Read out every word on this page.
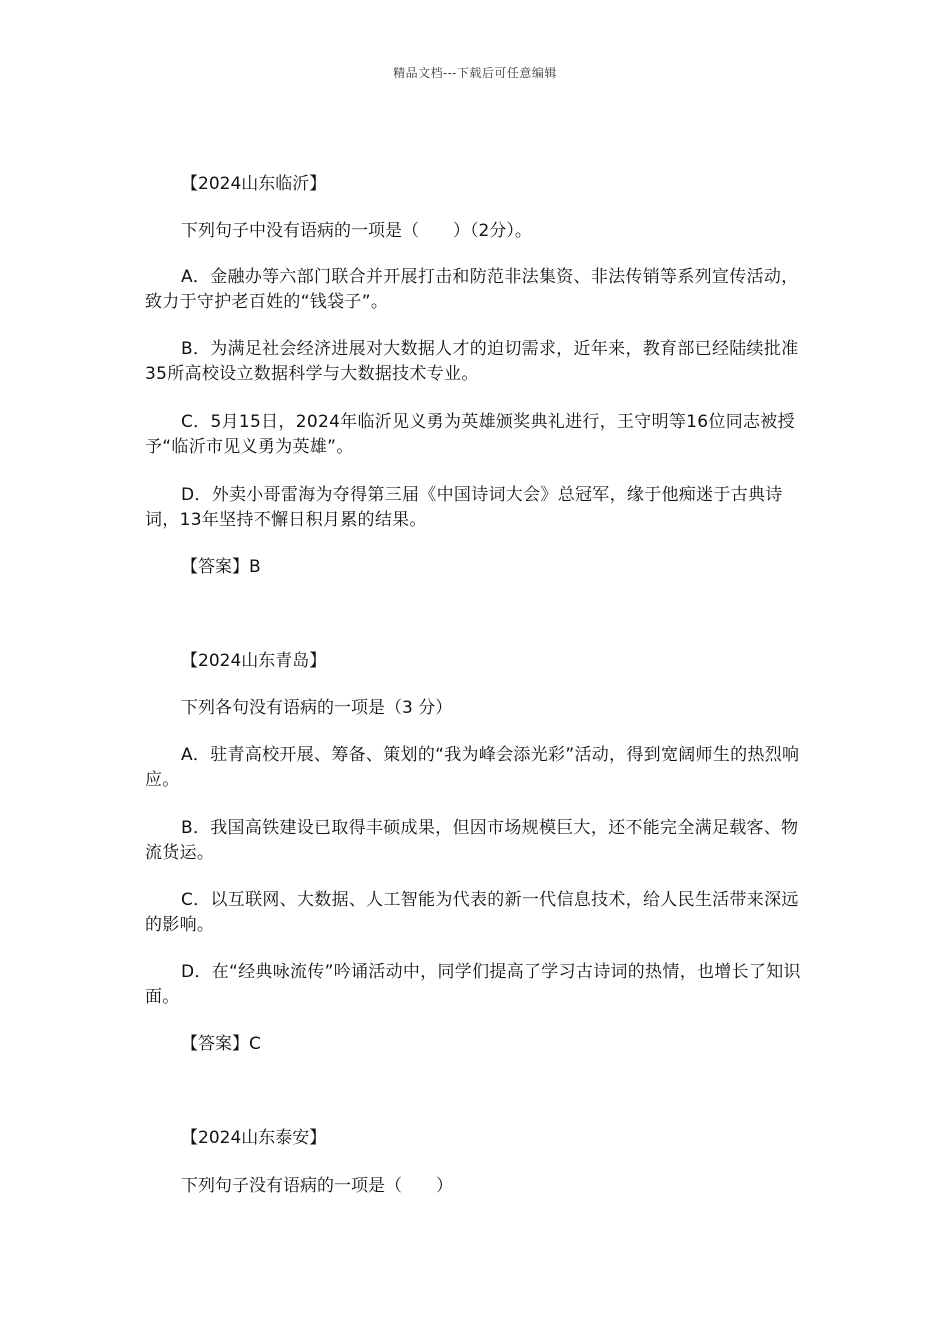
精品文档---下载后可任意编辑
【2024山东临沂】
下列句子中没有语病的一项是（　　）（2分）。
A．金融办等六部门联合并开展打击和防范非法集资、非法传销等系列宣传活动，致力于守护老百姓的“钱袋子”。
B．为满足社会经济进展对大数据人才的迫切需求，近年来，教育部已经陆续批准35所高校设立数据科学与大数据技术专业。
C．5月15日，2024年临沂见义勇为英雄颁奖典礼进行，王守明等16位同志被授予“临沂市见义勇为英雄”。
D．外卖小哥雷海为夺得第三届《中国诗词大会》总冠军，缘于他痴迷于古典诗词，13年坚持不懈日积月累的结果。
【答案】B
【2024山东青岛】
下列各句没有语病的一项是（3 分）
A．驻青高校开展、筹备、策划的“我为峰会添光彩”活动，得到宽阔师生的热烈响应。
B．我国高铁建设已取得丰硕成果，但因市场规模巨大，还不能完全满足载客、物流货运。
C．以互联网、大数据、人工智能为代表的新一代信息技术，给人民生活带来深远的影响。
D．在“经典咏流传”吟诵活动中，同学们提高了学习古诗词的热情，也增长了知识面。
【答案】C
【2024山东泰安】
下列句子没有语病的一项是（　　）
